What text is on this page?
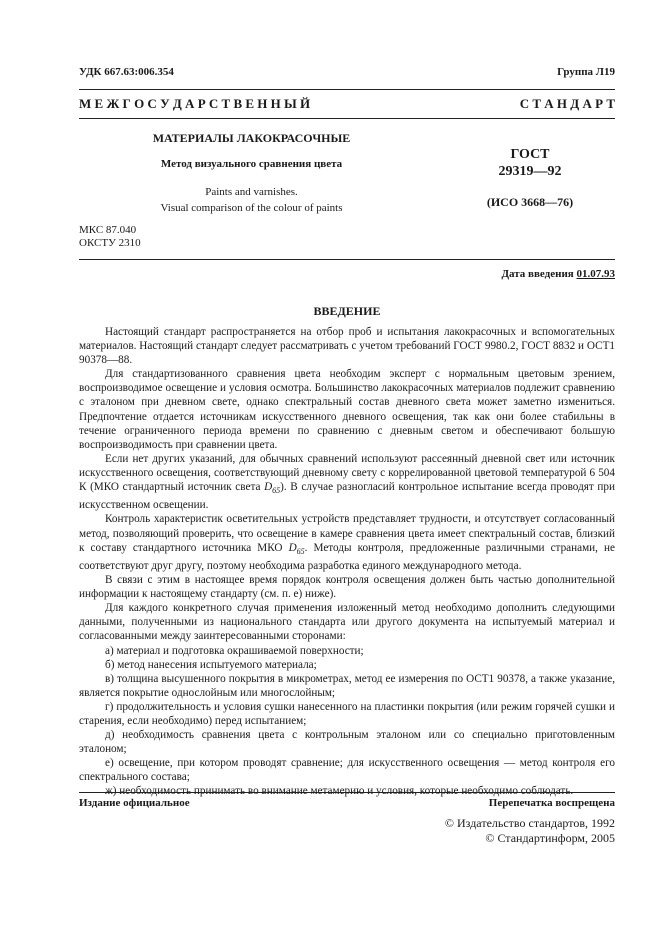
УДК 667.63:006.354	Группа Л19
М Е Ж Г О С У Д А Р С Т В Е Н Н Ы Й	С Т А Н Д А Р Т
МАТЕРИАЛЫ ЛАКОКРАСОЧНЫЕ
Метод визуального сравнения цвета
Paints and varnishes.
Visual comparison of the colour of paints
ГОСТ
29319—92
(ИСО 3668—76)
МКС 87.040
ОКСТУ 2310
Дата введения 01.07.93
ВВЕДЕНИЕ

Настоящий стандарт распространяется на отбор проб и испытания лакокрасочных и вспомогательных материалов. Настоящий стандарт следует рассматривать с учетом требований ГОСТ 9980.2, ГОСТ 8832 и ОСТ1 90378—88.

Для стандартизованного сравнения цвета необходим эксперт с нормальным цветовым зрением, воспроизводимое освещение и условия осмотра. Большинство лакокрасочных материалов подлежит сравнению с эталоном при дневном свете, однако спектральный состав дневного света может заметно измениться. Предпочтение отдается источникам искусственного дневного освещения, так как они более стабильны в течение ограниченного периода времени по сравнению с дневным светом и обеспечивают большую воспроизводимость при сравнении цвета.

Если нет других указаний, для обычных сравнений используют рассеянный дневной свет или источник искусственного освещения, соответствующий дневному свету с коррелированной цветовой температурой 6 504 К (МКО стандартный источник света $D_{65}$). В случае разногласий контрольное испытание всегда проводят при искусственном освещении.

Контроль характеристик осветительных устройств представляет трудности, и отсутствует согласованный метод, позволяющий проверить, что освещение в камере сравнения цвета имеет спектральный состав, близкий к составу стандартного источника МКО $D_{65}$. Методы контроля, предложенные различными странами, не соответствуют друг другу, поэтому необходима разработка единого международного метода.

В связи с этим в настоящее время порядок контроля освещения должен быть частью дополнительной информации к настоящему стандарту (см. п. е) ниже).

Для каждого конкретного случая применения изложенный метод необходимо дополнить следующими данными, полученными из национального стандарта или другого документа на испытуемый материал и согласованными между заинтересованными сторонами:

а) материал и подготовка окрашиваемой поверхности;

б) метод нанесения испытуемого материала;

в) толщина высушенного покрытия в микрометрах, метод ее измерения по ОСТ1 90378, а также указание, является покрытие однослойным или многослойным;

г) продолжительность и условия сушки нанесенного на пластинки покрытия (или режим горячей сушки и старения, если необходимо) перед испытанием;

д) необходимость сравнения цвета с контрольным эталоном или со специально приготовленным эталоном;

е) освещение, при котором проводят сравнение; для искусственного освещения — метод контроля его спектрального состава;

ж) необходимость принимать во внимание метамерию и условия, которые необходимо соблюдать.

Издание официальное	Перепечатка воспрещена
© Издательство стандартов, 1992
© Стандартинформ, 2005
